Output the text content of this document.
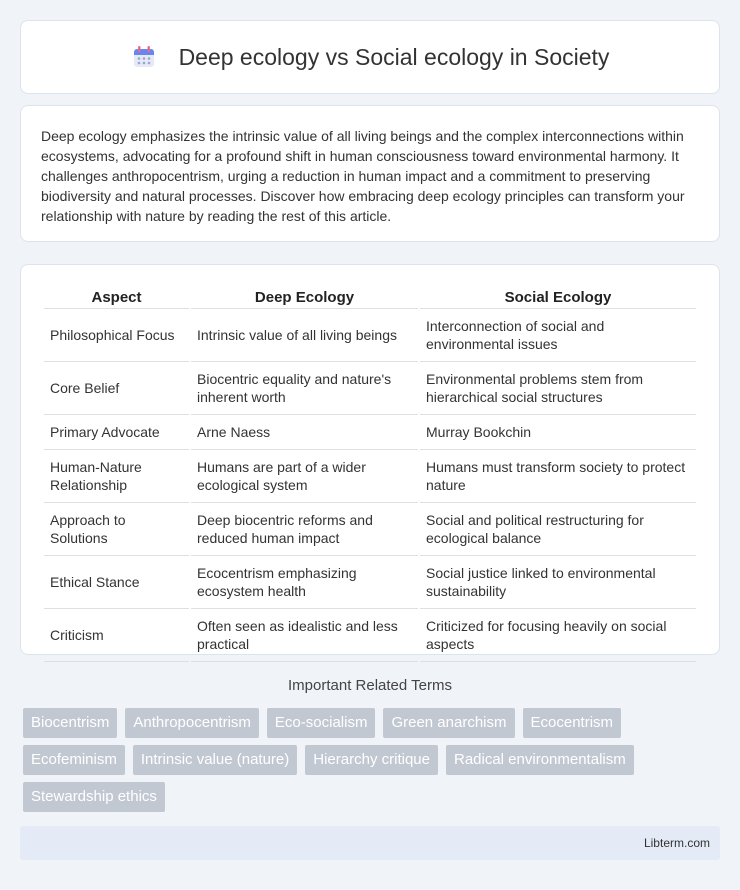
Deep ecology vs Social ecology in Society

Deep ecology emphasizes the intrinsic value of all living beings and the complex interconnections within ecosystems, advocating for a profound shift in human consciousness toward environmental harmony. It challenges anthropocentrism, urging a reduction in human impact and a commitment to preserving biodiversity and natural processes. Discover how embracing deep ecology principles can transform your relationship with nature by reading the rest of this article.

Aspect	Deep Ecology	Social Ecology
Philosophical Focus	Intrinsic value of all living beings	Interconnection of social and environmental issues
Core Belief	Biocentric equality and nature's inherent worth	Environmental problems stem from hierarchical social structures
Primary Advocate	Arne Naess	Murray Bookchin
Human-Nature Relationship	Humans are part of a wider ecological system	Humans must transform society to protect nature
Approach to Solutions	Deep biocentric reforms and reduced human impact	Social and political restructuring for ecological balance
Ethical Stance	Ecocentrism emphasizing ecosystem health	Social justice linked to environmental sustainability
Criticism	Often seen as idealistic and less practical	Criticized for focusing heavily on social aspects
Important Related Terms
Biocentrism	Anthropocentrism	Eco-socialism	Green anarchism	Ecocentrism
Ecofeminism	Intrinsic value (nature)	Hierarchy critique	Radical environmentalism
Stewardship ethics
Libterm.com
